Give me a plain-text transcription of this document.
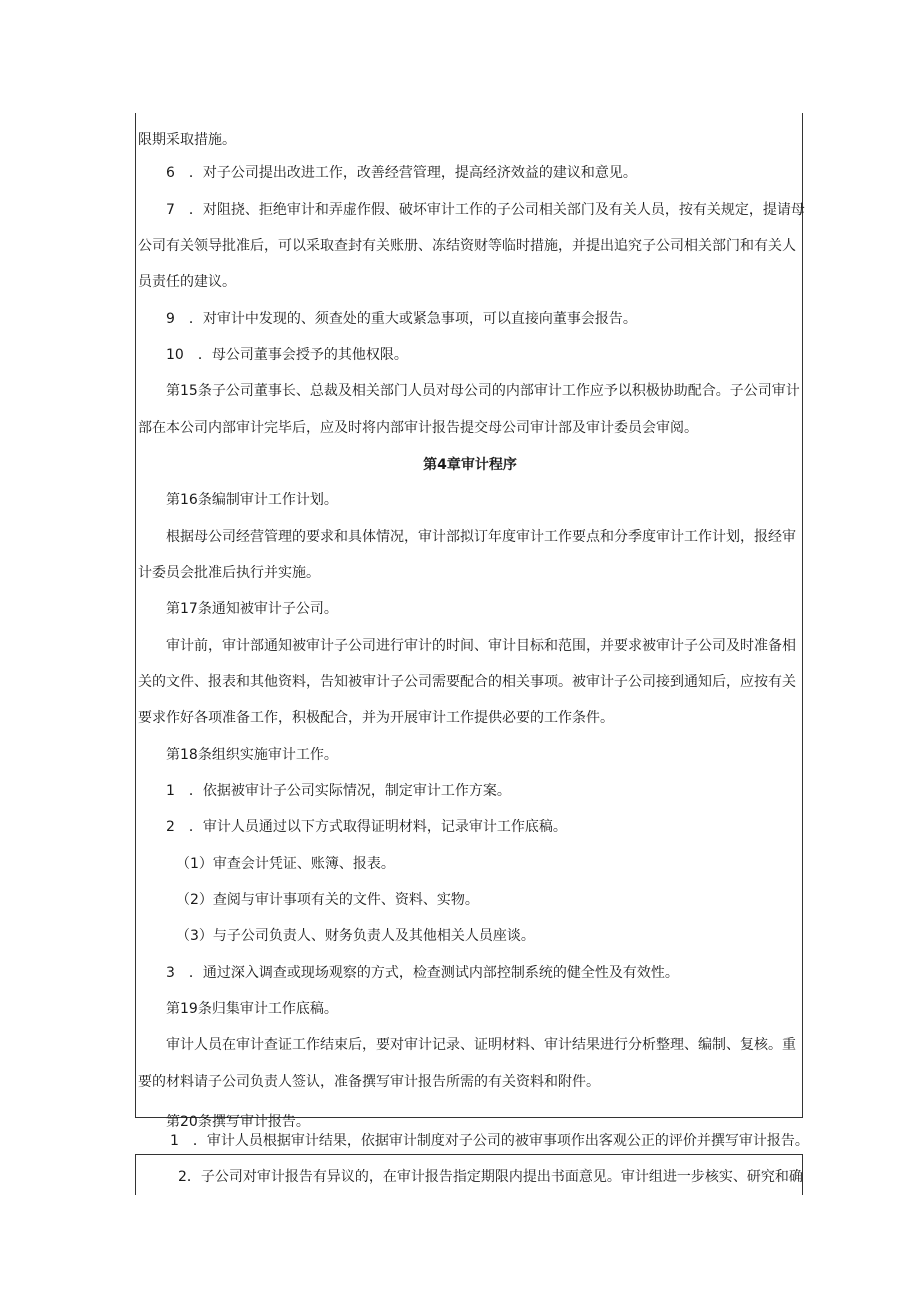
限期采取措施。
6　．对子公司提出改进工作，改善经营管理，提高经济效益的建议和意见。
7　．对阻挠、拒绝审计和弄虚作假、破坏审计工作的子公司相关部门及有关人员，按有关规定，提请母
公司有关领导批准后，可以采取查封有关账册、冻结资财等临时措施，并提出追究子公司相关部门和有关人
员责任的建议。
9　．对审计中发现的、须查处的重大或紧急事项，可以直接向董事会报告。
10　．母公司董事会授予的其他权限。
第15条子公司董事长、总裁及相关部门人员对母公司的内部审计工作应予以积极协助配合。子公司审计
部在本公司内部审计完毕后，应及时将内部审计报告提交母公司审计部及审计委员会审阅。
第4章审计程序
第16条编制审计工作计划。
根据母公司经营管理的要求和具体情况，审计部拟订年度审计工作要点和分季度审计工作计划，报经审
计委员会批准后执行并实施。
第17条通知被审计子公司。
审计前，审计部通知被审计子公司进行审计的时间、审计目标和范围，并要求被审计子公司及时准备相
关的文件、报表和其他资料，告知被审计子公司需要配合的相关事项。被审计子公司接到通知后，应按有关
要求作好各项准备工作，积极配合，并为开展审计工作提供必要的工作条件。
第18条组织实施审计工作。
1　．依据被审计子公司实际情况，制定审计工作方案。
2　．审计人员通过以下方式取得证明材料，记录审计工作底稿。
（1）审查会计凭证、账簿、报表。
（2）查阅与审计事项有关的文件、资料、实物。
（3）与子公司负责人、财务负责人及其他相关人员座谈。
3　．通过深入调查或现场观察的方式，检查测试内部控制系统的健全性及有效性。
第19条归集审计工作底稿。
审计人员在审计查证工作结束后，要对审计记录、证明材料、审计结果进行分析整理、编制、复核。重
要的材料请子公司负责人签认，准备撰写审计报告所需的有关资料和附件。
第20条撰写审计报告。
1　．审计人员根据审计结果，依据审计制度对子公司的被审事项作出客观公正的评价并撰写审计报告。
2．子公司对审计报告有异议的，在审计报告指定期限内提出书面意见。审计组进一步核实、研究和确
